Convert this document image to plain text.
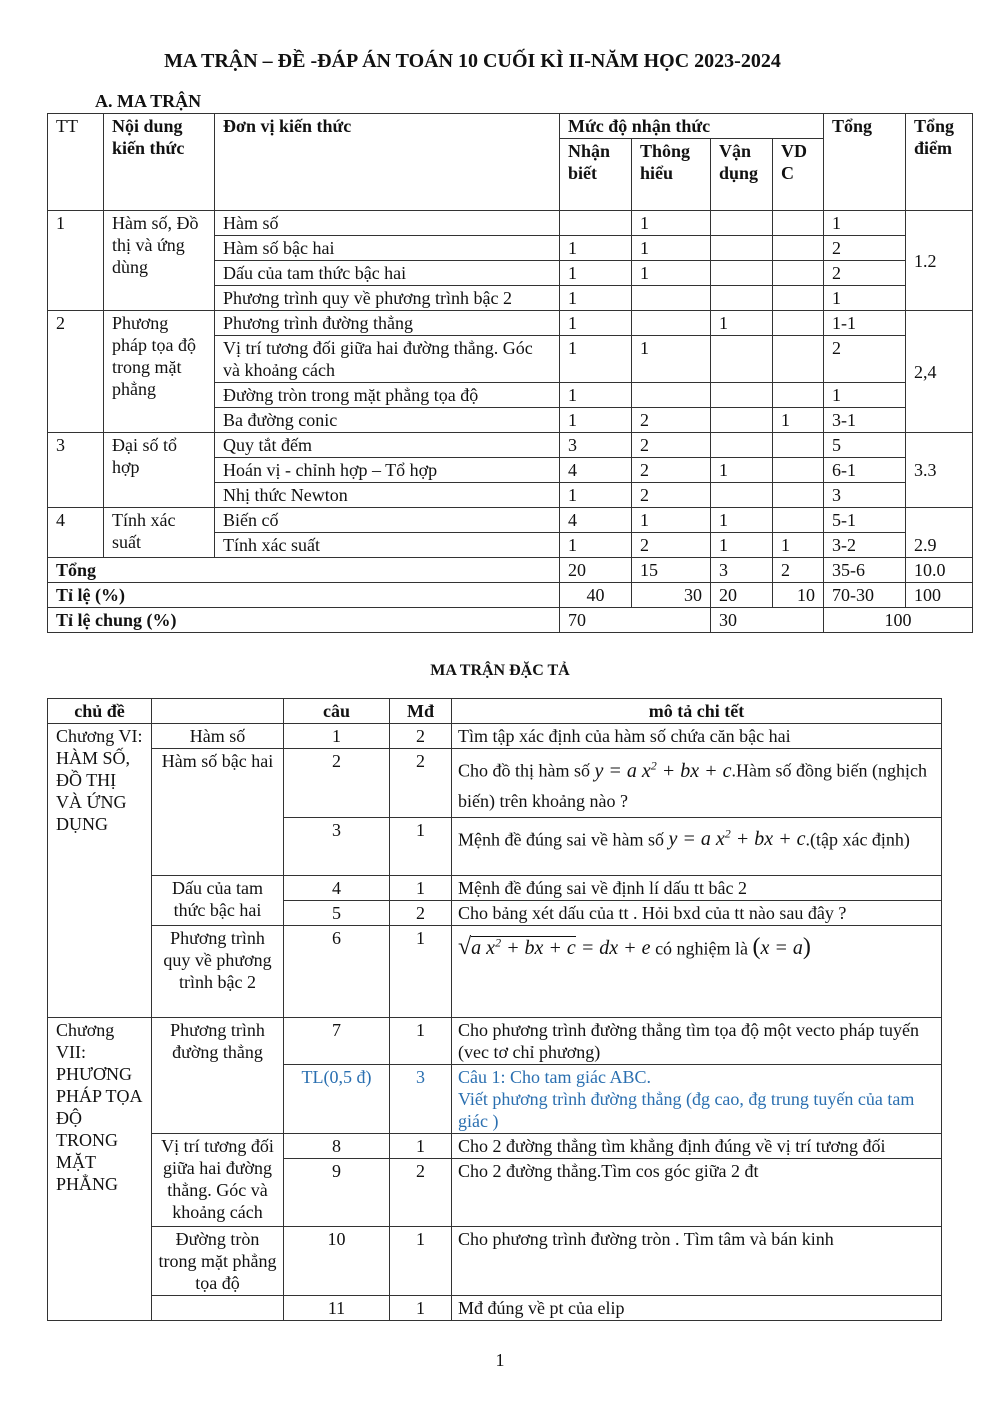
MA TRẬN – ĐỀ -ĐÁP ÁN TOÁN 10 CUỐI KÌ II-NĂM HỌC 2023-2024
A. MA TRẬN
TT	Nội dung kiến thức	Đơn vị kiến thức	Mức độ nhận thức				Tổng	Tổng điểm
			Nhận biết	Thông hiểu	Vận dụng	VD C		
1	Hàm số, Đồ thị và ứng dùng	Hàm số		1			1	1.2
		Hàm số bậc hai	1	1			2	
		Dấu của tam thức bậc hai	1	1			2	
		Phương trình quy về phương trình bậc 2	1				1	
2	Phương pháp tọa độ trong mặt phẳng	Phương trình đường thẳng	1		1		1-1	2,4
		Vị trí tương đối giữa hai đường thẳng. Góc và khoảng cách	1	1			2	
		Đường tròn trong mặt phẳng tọa độ	1				1	
		Ba đường conic	1	2		1	3-1	
3	Đại số tổ hợp	Quy tắt đếm	3	2			5	3.3
		Hoán vị - chỉnh hợp – Tổ hợp	4	2	1		6-1	
		Nhị thức Newton	1	2			3	
4	Tính xác suất	Biến cố	4	1	1		5-1	2.9
		Tính xác suất	1	2	1	1	3-2	
Tổng			20	15	3	2	35-6	10.0
Tỉ lệ (%)			40	30	20	10	70-30	100
Tỉ lệ chung (%)			70		30		100	
MA TRẬN ĐẶC TẢ
chủ đề		câu	Mđ	mô tả chi tết

Chương VI: HÀM SỐ, ĐỒ THỊ VÀ ỨNG DỤNG	Hàm số	1	2	Tìm tập xác định của hàm số chứa căn bậc hai
	Hàm số bậc hai	2	2	Cho đồ thị hàm số y = a $x^2$ + bx + c.Hàm số đồng biến (nghịch biến) trên khoảng nào ?
		3	1	Mệnh đề đúng sai về hàm số y = a $x^2$ + bx + c.(tập xác định)
	Dấu của tam thức bậc hai	4	1	Mệnh đề đúng sai về định lí dấu tt bâc 2
		5	2	Cho bảng xét dấu của tt . Hỏi bxd của tt nào sau đây ?
	Phương trình quy về phương trình bậc 2	6	1	√a $x^2$ + bx + c = dx + e có nghiệm là (x = a)

Chương VII: PHƯƠNG PHÁP TỌA ĐỘ TRONG MẶT PHẲNG	Phương trình đường thẳng	7	1	Cho phương trình đường thẳng tìm tọa độ một vecto pháp tuyến (vec tơ chỉ phương)
		TL(0,5 đ)	3	Câu 1: Cho tam giác ABC.
Viết phương trình đường thẳng (đg cao, đg trung tuyến của tam giác )

	Vị trí tương đối giữa hai đường thẳng. Góc và khoảng cách	8	1	Cho 2 đường thẳng tìm khẳng định đúng về vị trí tương đối
		9	2	Cho 2 đường thẳng.Tìm cos góc giữa 2 đt
	Đường tròn trong mặt phẳng tọa độ	10	1	Cho phương trình đường tròn . Tìm tâm và bán kinh
		11	1	Mđ đúng về pt của elip
1
